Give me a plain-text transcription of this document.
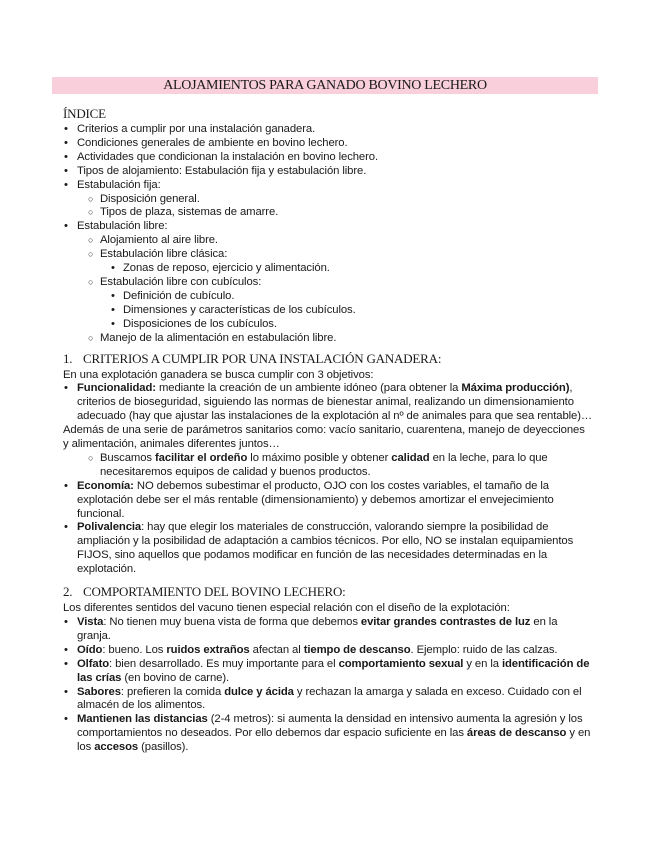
ALOJAMIENTOS PARA GANADO BOVINO LECHERO
ÍNDICE
• Criterios a cumplir por una instalación ganadera.
• Condiciones generales de ambiente en bovino lechero.
• Actividades que condicionan la instalación en bovino lechero.
• Tipos de alojamiento: Estabulación fija y estabulación libre.
• Estabulación fija:
○ Disposición general.
○ Tipos de plaza, sistemas de amarre.
• Estabulación libre:
○ Alojamiento al aire libre.
○ Estabulación libre clásica:
• Zonas de reposo, ejercicio y alimentación.
○ Estabulación libre con cubículos:
• Definición de cubículo.
• Dimensiones y características de los cubículos.
• Disposiciones de los cubículos.
○ Manejo de la alimentación en estabulación libre.
1. CRITERIOS A CUMPLIR POR UNA INSTALACIÓN GANADERA:

En una explotación ganadera se busca cumplir con 3 objetivos:

• Funcionalidad: mediante la creación de un ambiente idóneo (para obtener la Máxima producción), criterios de bioseguridad, siguiendo las normas de bienestar animal, realizando un dimensionamiento adecuado (hay que ajustar las instalaciones de la explotación al nº de animales para que sea rentable)…

Además de una serie de parámetros sanitarios como: vacío sanitario, cuarentena, manejo de deyecciones y alimentación, animales diferentes juntos…

○ Buscamos facilitar el ordeño lo máximo posible y obtener calidad en la leche, para lo que necesitaremos equipos de calidad y buenos productos.
• Economía: NO debemos subestimar el producto, OJO con los costes variables, el tamaño de la explotación debe ser el más rentable (dimensionamiento) y debemos amortizar el envejecimiento funcional.
• Polivalencia: hay que elegir los materiales de construcción, valorando siempre la posibilidad de ampliación y la posibilidad de adaptación a cambios técnicos. Por ello, NO se instalan equipamientos FIJOS, sino aquellos que podamos modificar en función de las necesidades determinadas en la explotación.
2. COMPORTAMIENTO DEL BOVINO LECHERO:

Los diferentes sentidos del vacuno tienen especial relación con el diseño de la explotación:

• Vista: No tienen muy buena vista de forma que debemos evitar grandes contrastes de luz en la granja.
• Oído: bueno. Los ruidos extraños afectan al tiempo de descanso. Ejemplo: ruido de las calzas.
• Olfato: bien desarrollado. Es muy importante para el comportamiento sexual y en la identificación de las crías (en bovino de carne).
• Sabores: prefieren la comida dulce y ácida y rechazan la amarga y salada en exceso. Cuidado con el almacén de los alimentos.
• Mantienen las distancias (2-4 metros): si aumenta la densidad en intensivo aumenta la agresión y los comportamientos no deseados. Por ello debemos dar espacio suficiente en las áreas de descanso y en los accesos (pasillos).
